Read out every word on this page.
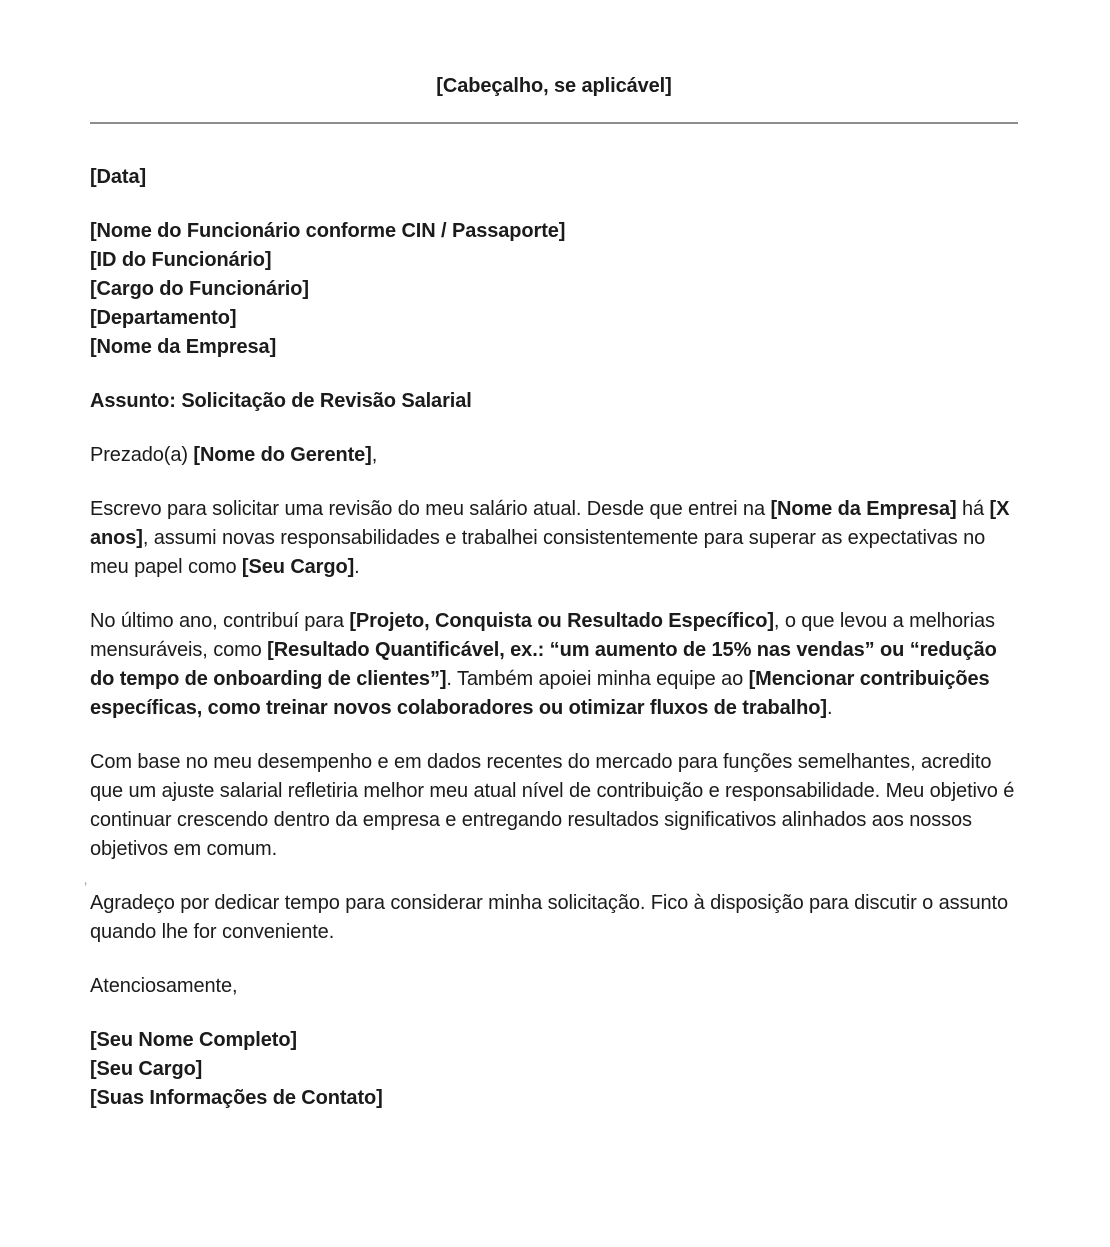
[Cabeçalho, se aplicável]

[Data]

[Nome do Funcionário conforme CIN / Passaporte]
[ID do Funcionário]
[Cargo do Funcionário]
[Departamento]
[Nome da Empresa]

Assunto: Solicitação de Revisão Salarial

Prezado(a) [Nome do Gerente],

Escrevo para solicitar uma revisão do meu salário atual. Desde que entrei na [Nome da Empresa] há [X anos], assumi novas responsabilidades e trabalhei consistentemente para superar as expectativas no meu papel como [Seu Cargo].

No último ano, contribuí para [Projeto, Conquista ou Resultado Específico], o que levou a melhorias mensuráveis, como [Resultado Quantificável, ex.: “um aumento de 15% nas vendas” ou “redução do tempo de onboarding de clientes”]. Também apoiei minha equipe ao [Mencionar contribuições específicas, como treinar novos colaboradores ou otimizar fluxos de trabalho].

Com base no meu desempenho e em dados recentes do mercado para funções semelhantes, acredito que um ajuste salarial refletiria melhor meu atual nível de contribuição e responsabilidade. Meu objetivo é continuar crescendo dentro da empresa e entregando resultados significativos alinhados aos nossos objetivos em comum.

’

Agradeço por dedicar tempo para considerar minha solicitação. Fico à disposição para discutir o assunto quando lhe for conveniente.

Atenciosamente,

[Seu Nome Completo]
[Seu Cargo]
[Suas Informações de Contato]
